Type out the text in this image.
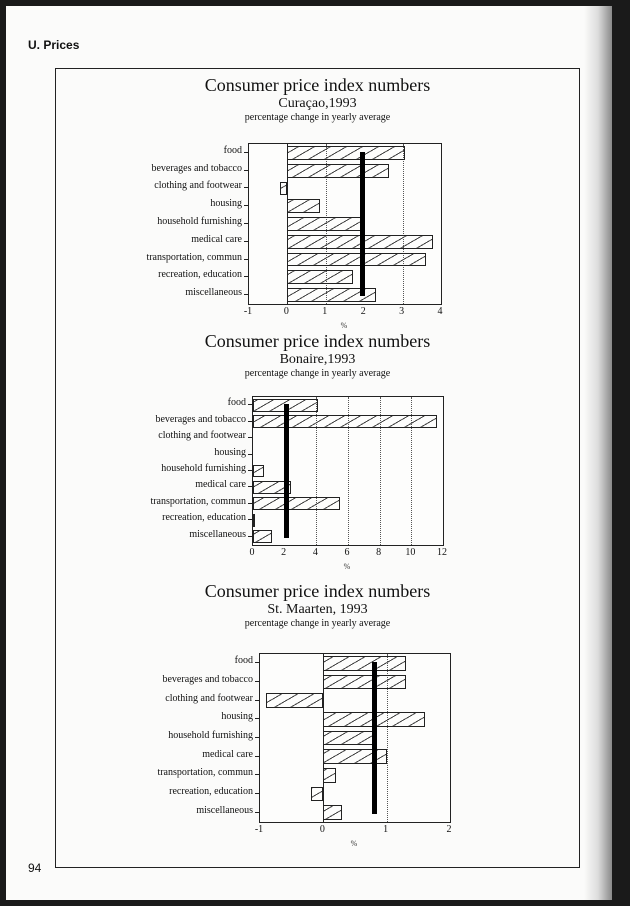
U. Prices
Consumer price index numbers
Curaçao,1993
percentage change in yearly average
food
beverages and tobacco
clothing and footwear
housing
household furnishing
medical care
transportation, commun
recreation, education
miscellaneous
-1	0	1	2	3	4
%
Consumer price index numbers
Bonaire,1993
percentage change in yearly average
food
beverages and tobacco
clothing and footwear
housing
household furnishing
medical care
transportation, commun
recreation, education
miscellaneous
0	2	4	6	8 10 12
%
Consumer price index numbers
St. Maarten, 1993
percentage change in yearly average
food
beverages and tobacco
clothing and footwear
housing
household furnishing
medical care
transportation, commun
recreation, education
miscellaneous
-1	0	1	2
%
94
